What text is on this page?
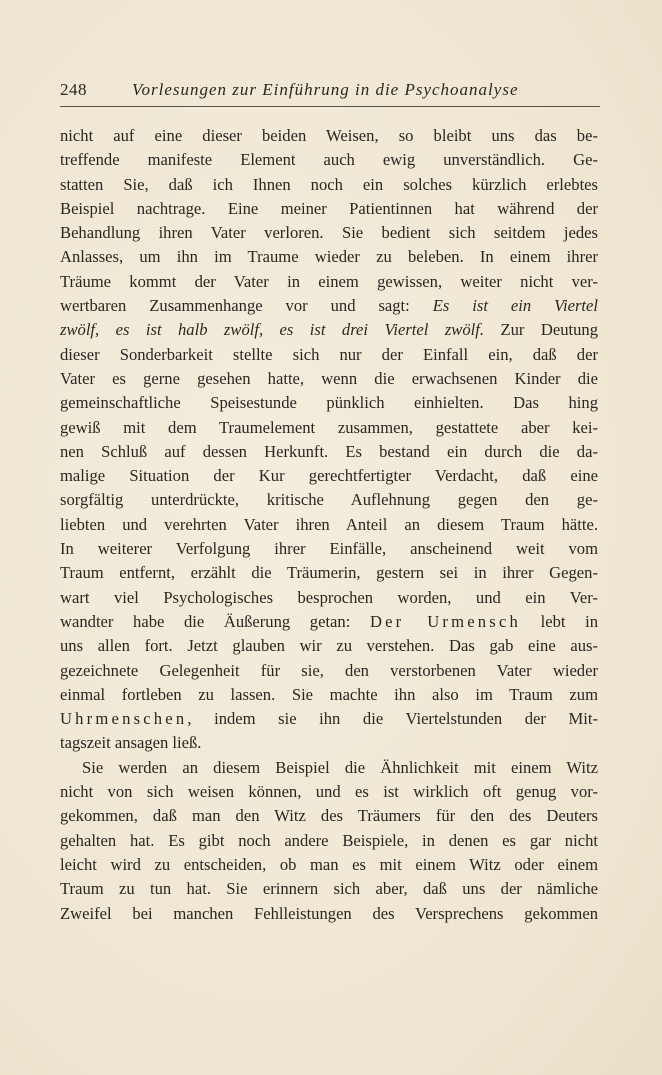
248	Vorlesungen zur Einführung in die Psychoanalyse

nicht auf eine dieser beiden Weisen, so bleibt uns das be-

treffende manifeste Element auch ewig unverständlich. Ge-

statten Sie, daß ich Ihnen noch ein solches kürzlich erlebtes

Beispiel nachtrage. Eine meiner Patientinnen hat während der

Behandlung ihren Vater verloren. Sie bedient sich seitdem jedes

Anlasses, um ihn im Traume wieder zu beleben. In einem ihrer

Träume kommt der Vater in einem gewissen, weiter nicht ver-

wertbaren Zusammenhange vor und sagt: Es ist ein Viertel

zwölf, es ist halb zwölf, es ist drei Viertel zwölf. Zur Deutung

dieser Sonderbarkeit stellte sich nur der Einfall ein, daß der

Vater es gerne gesehen hatte, wenn die erwachsenen Kinder die

gemeinschaftliche Speisestunde pünklich einhielten. Das hing

gewiß mit dem Traumelement zusammen, gestattete aber kei-

nen Schluß auf dessen Herkunft. Es bestand ein durch die da-

malige Situation der Kur gerechtfertigter Verdacht, daß eine

sorgfältig unterdrückte, kritische Auflehnung gegen den ge-

liebten und verehrten Vater ihren Anteil an diesem Traum hätte.

In weiterer Verfolgung ihrer Einfälle, anscheinend weit vom

Traum entfernt, erzählt die Träumerin, gestern sei in ihrer Gegen-

wart viel Psychologisches besprochen worden, und ein Ver-

wandter habe die Äußerung getan: Der Urmensch lebt in

uns allen fort. Jetzt glauben wir zu verstehen. Das gab eine aus-

gezeichnete Gelegenheit für sie, den verstorbenen Vater wieder

einmal fortleben zu lassen. Sie machte ihn also im Traum zum

Uhrmenschen, indem sie ihn die Viertelstunden der Mit-

tagszeit ansagen ließ.

Sie werden an diesem Beispiel die Ähnlichkeit mit einem Witz

nicht von sich weisen können, und es ist wirklich oft genug vor-

gekommen, daß man den Witz des Träumers für den des Deuters

gehalten hat. Es gibt noch andere Beispiele, in denen es gar nicht

leicht wird zu entscheiden, ob man es mit einem Witz oder einem

Traum zu tun hat. Sie erinnern sich aber, daß uns der nämliche

Zweifel bei manchen Fehlleistungen des Versprechens gekommen
